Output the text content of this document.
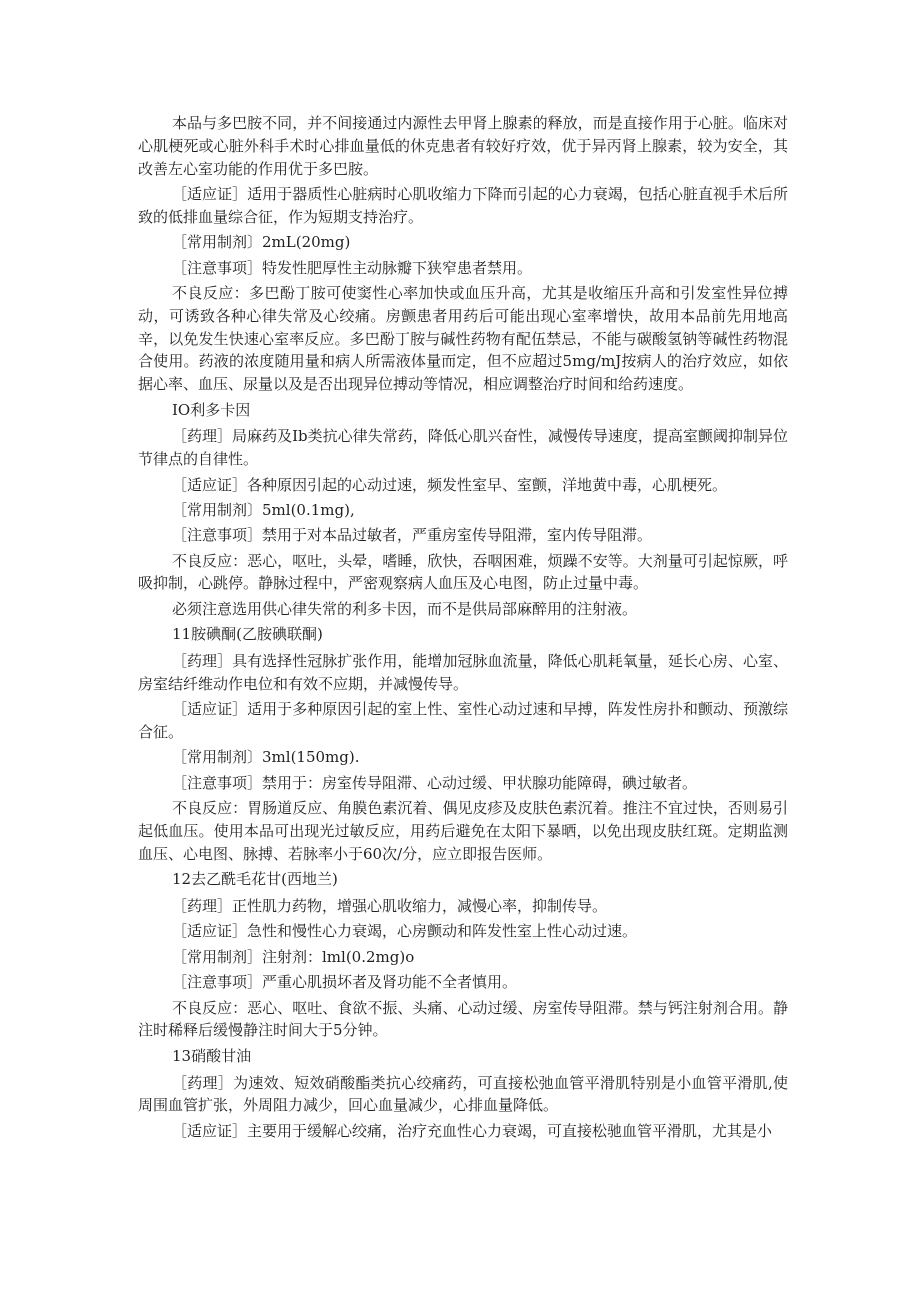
本品与多巴胺不同，并不间接通过内源性去甲肾上腺素的释放，而是直接作用于心脏。临床对心肌梗死或心脏外科手术时心排血量低的休克患者有较好疗效，优于异丙肾上腺素，较为安全，其改善左心室功能的作用优于多巴胺。

［适应证］适用于器质性心脏病时心肌收缩力下降而引起的心力衰竭，包括心脏直视手术后所致的低排血量综合征，作为短期支持治疗。

［常用制剂〕2mL(20mg)

［注意事项］特发性肥厚性主动脉瓣下狭窄患者禁用。

不良反应：多巴酚丁胺可使窦性心率加快或血压升高，尤其是收缩压升高和引发室性异位搏动，可诱致各种心律失常及心绞痛。房颤患者用药后可能出现心室率增快，故用本品前先用地高辛，以免发生快速心室率反应。多巴酚丁胺与碱性药物有配伍禁忌，不能与碳酸氢钠等碱性药物混合使用。药液的浓度随用量和病人所需液体量而定，但不应超过5mg∕mJ按病人的治疗效应，如依据心率、血压、尿量以及是否出现异位搏动等情况，相应调整治疗时间和给药速度。

IO利多卡因

［药理］局麻药及Ib类抗心律失常药，降低心肌兴奋性，减慢传导速度，提高室颤阈抑制异位节律点的自律性。

［适应证］各种原因引起的心动过速，频发性室早、室颤，洋地黄中毒，心肌梗死。

［常用制剂〕5ml(0.1mg),

［注意事项］禁用于对本品过敏者，严重房室传导阻滞，室内传导阻滞。

不良反应：恶心，呕吐，头晕，嗜睡，欣快，吞咽困难，烦躁不安等。大剂量可引起惊厥，呼吸抑制，心跳停。静脉过程中，严密观察病人血压及心电图，防止过量中毒。

必须注意选用供心律失常的利多卡因，而不是供局部麻醉用的注射液。

11胺碘酮(乙胺碘联酮)

［药理］具有选择性冠脉扩张作用，能增加冠脉血流量，降低心肌耗氧量，延长心房、心室、房室结纤维动作电位和有效不应期，并减慢传导。

［适应证］适用于多种原因引起的室上性、室性心动过速和早搏，阵发性房扑和颤动、预激综合征。

［常用制剂〕3ml(150mg).

［注意事项］禁用于：房室传导阻滞、心动过缓、甲状腺功能障碍，碘过敏者。

不良反应：胃肠道反应、角膜色素沉着、偶见皮疹及皮肤色素沉着。推注不宜过快，否则易引起低血压。使用本品可出现光过敏反应，用药后避免在太阳下暴晒，以免出现皮肤红斑。定期监测血压、心电图、脉搏、若脉率小于60次/分，应立即报告医师。

12去乙酰毛花甘(西地兰)

［药理］正性肌力药物，增强心肌收缩力，减慢心率，抑制传导。

［适应证］急性和慢性心力衰竭，心房颤动和阵发性室上性心动过速。

［常用制剂］注射剂：lml(0.2mg)o

［注意事项］严重心肌损坏者及肾功能不全者慎用。

不良反应：恶心、呕吐、食欲不振、头痛、心动过缓、房室传导阻滞。禁与钙注射剂合用。静注时稀释后缓慢静注时间大于5分钟。

13硝酸甘油

［药理］为速效、短效硝酸酯类抗心绞痛药，可直接松弛血管平滑肌特别是小血管平滑肌,使周围血管扩张，外周阻力减少，回心血量减少，心排血量降低。

［适应证］主要用于缓解心绞痛，治疗充血性心力衰竭，可直接松驰血管平滑肌，尤其是小
